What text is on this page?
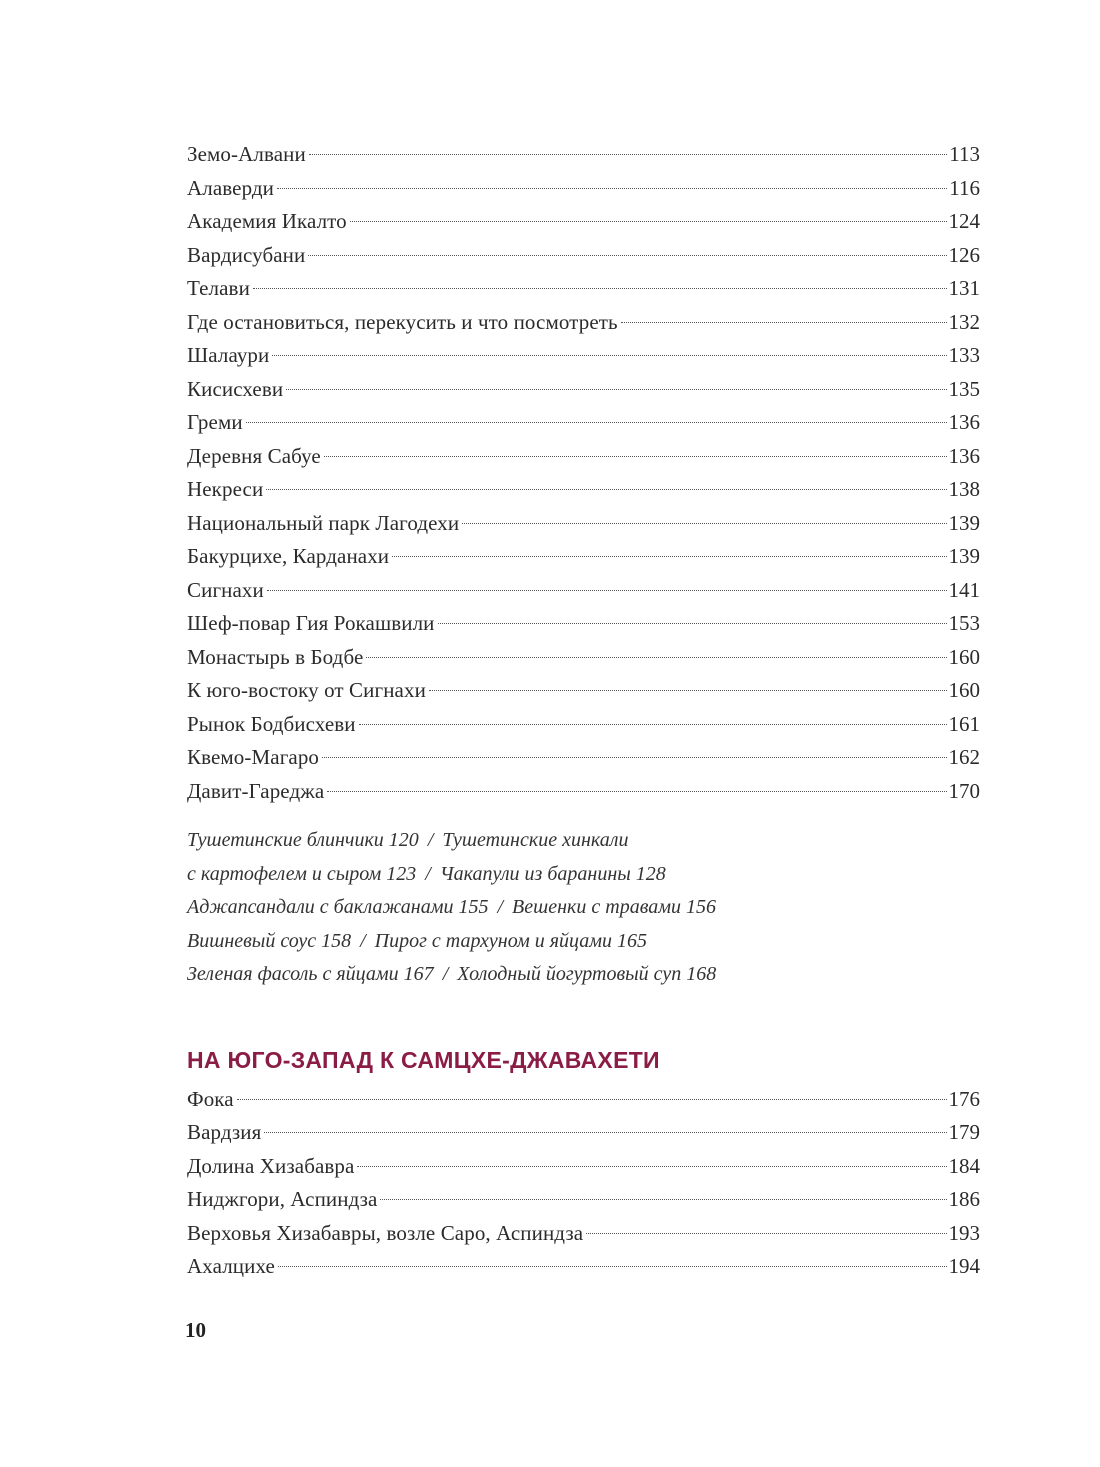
Земо-Алвани	113
Алаверди	116
Академия Икалто	124
Вардисубани	126
Телави	131
Где остановиться, перекусить и что посмотреть	132
Шалаури	133
Кисисхеви	135
Греми	136
Деревня Сабуе	136
Некреси	138
Национальный парк Лагодехи	139
Бакурцихе, Карданахи	139
Сигнахи	141
Шеф-повар Гия Рокашвили	153
Монастырь в Бодбе	160
К юго-востоку от Сигнахи	160
Рынок Бодбисхеви	161
Квемо-Магаро	162
Давит-Гареджа	170
Тушетинские блинчики 120 / Тушетинские хинкали
с картофелем и сыром 123 / Чакапули из баранины 128
Аджапсандали с баклажанами 155 / Вешенки с травами 156
Вишневый соус 158 / Пирог с тархуном и яйцами 165
Зеленая фасоль с яйцами 167 / Холодный йогуртовый суп 168
НА ЮГО-ЗАПАД К САМЦХЕ-ДЖАВАХЕТИ
Фока	176
Вардзия	179
Долина Хизабавра	184
Ниджгори, Аспиндза	186
Верховья Хизабавры, возле Саро, Аспиндза	193
Ахалцихе	194
10
